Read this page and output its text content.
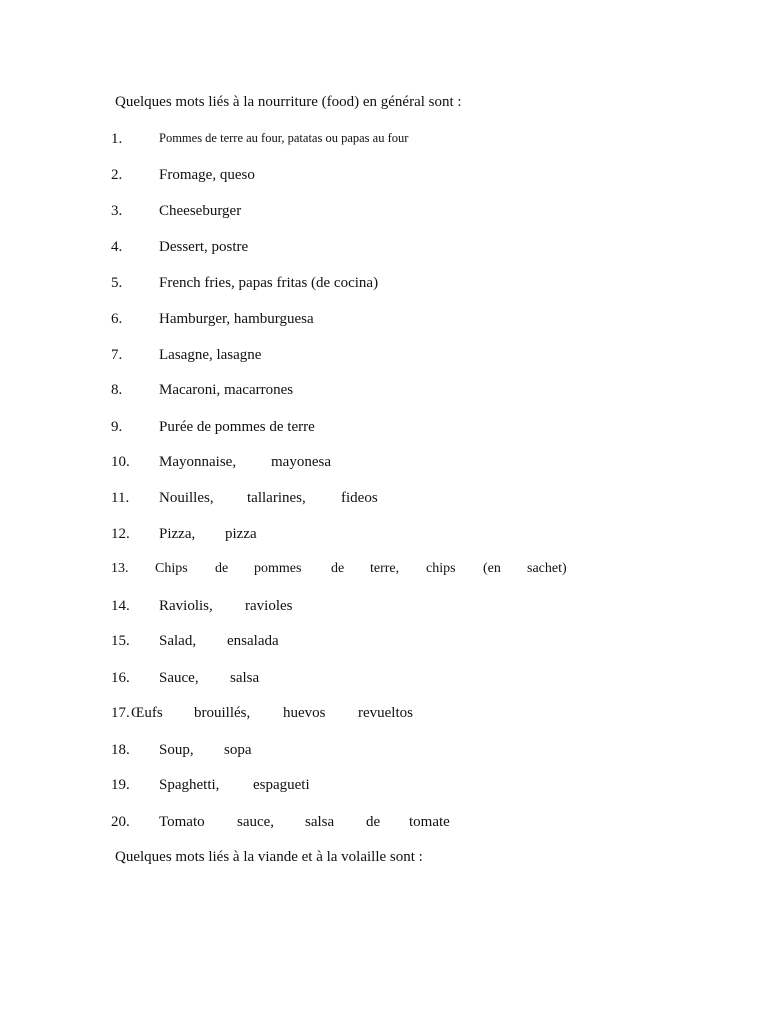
Quelques mots liés à la nourriture (food) en général sont :
1.	Pommes de terre au four, patatas ou papas au four
2. Fromage, queso
3. Cheeseburger
4. Dessert, postre
5. French fries, papas fritas (de cocina)
6. Hamburger, hamburguesa
7. Lasagne, lasagne
8. Macaroni, macarrones
9. Purée de pommes de terre
10. Mayonnaise, mayonesa
11. Nouilles, tallarines, fideos
12. Pizza, pizza
13. Chips de pommes de terre, chips (en sachet)
14. Raviolis, ravioles
15. Salad, ensalada
16. Sauce, salsa
17. Œufs brouillés, huevos revueltos
18. Soup, sopa
19. Spaghetti, espagueti
20. Tomato sauce, salsa de tomate
Quelques mots liés à la viande et à la volaille sont :
